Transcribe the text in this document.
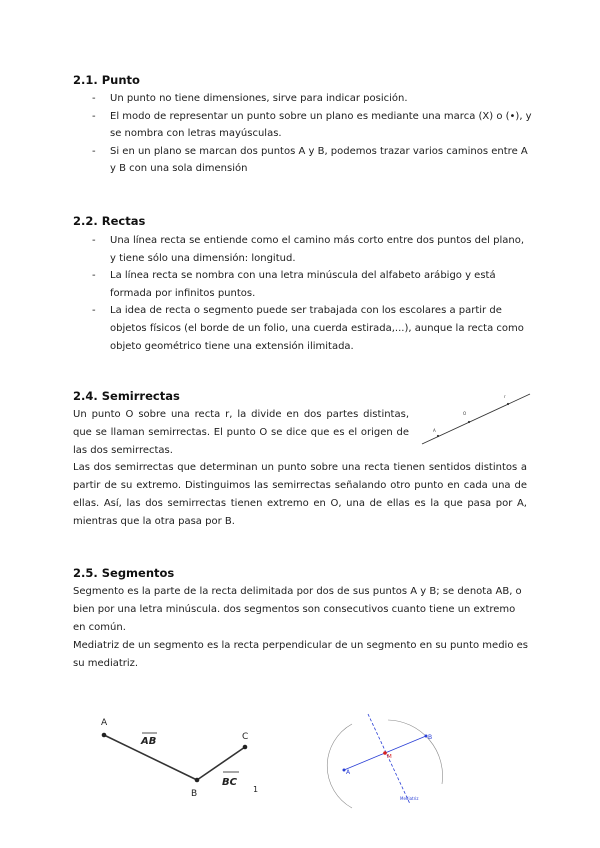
2.1. Punto
- Un punto no tiene dimensiones, sirve para indicar posición.
- El modo de representar un punto sobre un plano es mediante una marca (X) o (•), y se nombra con letras mayúsculas.
- Si en un plano se marcan dos puntos A y B, podemos trazar varios caminos entre A y B con una sola dimensión
2.2. Rectas
- Una línea recta se entiende como el camino más corto entre dos puntos del plano, y tiene sólo una dimensión: longitud.
- La línea recta se nombra con una letra minúscula del alfabeto arábigo y está formada por infinitos puntos.
- La idea de recta o segmento puede ser trabajada con los escolares a partir de objetos físicos (el borde de un folio, una cuerda estirada,...), aunque la recta como objeto geométrico tiene una extensión ilimitada.
2.4. Semirrectas

Un punto O sobre una recta r, la divide en dos partes distintas, que se llaman semirrectas. El punto O se dice que es el origen de las dos semirrectas.

Las dos semirrectas que determinan un punto sobre una recta tienen sentidos distintos a partir de su extremo. Distinguimos las semirrectas señalando otro punto en cada una de ellas. Así, las dos semirrectas tienen extremo en O, una de ellas es la que pasa por A, mientras que la otra pasa por B.

A
O
r
2.5. Segmentos

Segmento es la parte de la recta delimitada por dos de sus puntos A y B; se denota AB, o bien por una letra minúscula. dos segmentos son consecutivos cuanto tiene un extremo en común.

Mediatriz de un segmento es la recta perpendicular de un segmento en su punto medio es su mediatriz.

A
B
C
AB
BC
1
A
B
M
Mediatriz
